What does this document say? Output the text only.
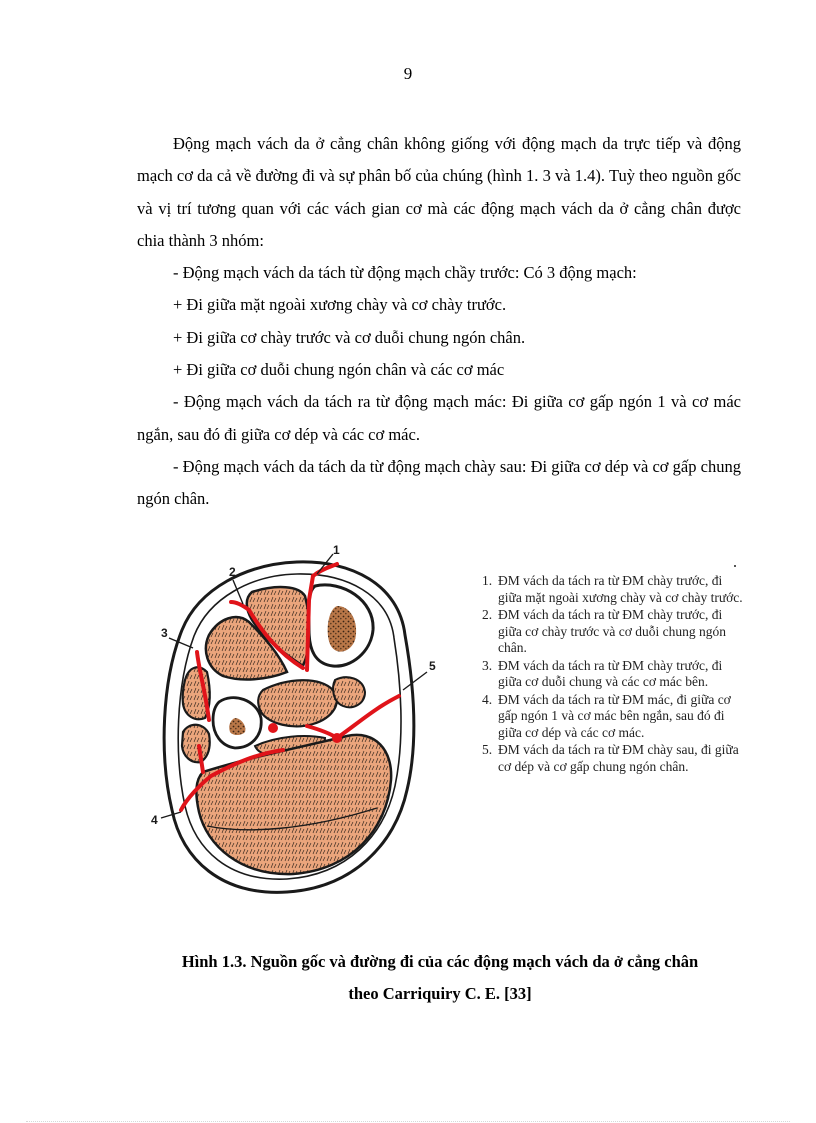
9

Động mạch vách da ở cẳng chân không giống với động mạch da trực tiếp và động mạch cơ da cả về đường đi và sự phân bố của chúng (hình 1. 3 và 1.4). Tuỳ theo nguồn gốc và vị trí tương quan với các vách gian cơ mà các động mạch vách da ở cẳng chân được chia thành 3 nhóm:

- Động mạch vách da tách từ động mạch chầy trước: Có 3 động mạch:

+ Đi giữa mặt ngoài xương chày và cơ chày trước.

+ Đi giữa cơ chày trước và cơ duỗi chung ngón chân.

+ Đi giữa cơ duỗi chung ngón chân và các cơ mác

- Động mạch vách da tách ra từ động mạch mác: Đi giữa cơ gấp ngón 1 và cơ mác ngắn, sau đó đi giữa cơ dép và các cơ mác.

- Động mạch vách da tách da từ động mạch chày sau: Đi giữa cơ dép và cơ gấp chung ngón chân.

1
2
3
4
5
1. ĐM vách da tách ra từ ĐM chày trước, đi giữa mặt ngoài xương chày và cơ chày trước.
2. ĐM vách da tách ra từ ĐM chày trước, đi giữa cơ chày trước và cơ duỗi chung ngón chân.
3. ĐM vách da tách ra từ ĐM chày trước, đi giữa cơ duỗi chung và các cơ mác bên.
4. ĐM vách da tách ra từ ĐM mác, đi giữa cơ gấp ngón 1 và cơ mác bên ngắn, sau đó đi giữa cơ dép và các cơ mác.
5. ĐM vách da tách ra từ ĐM chày sau, đi giữa cơ dép và cơ gấp chung ngón chân.
Hình 1.3. Nguồn gốc và đường đi của các động mạch vách da ở cẳng chân
theo Carriquiry C. E. [33]
